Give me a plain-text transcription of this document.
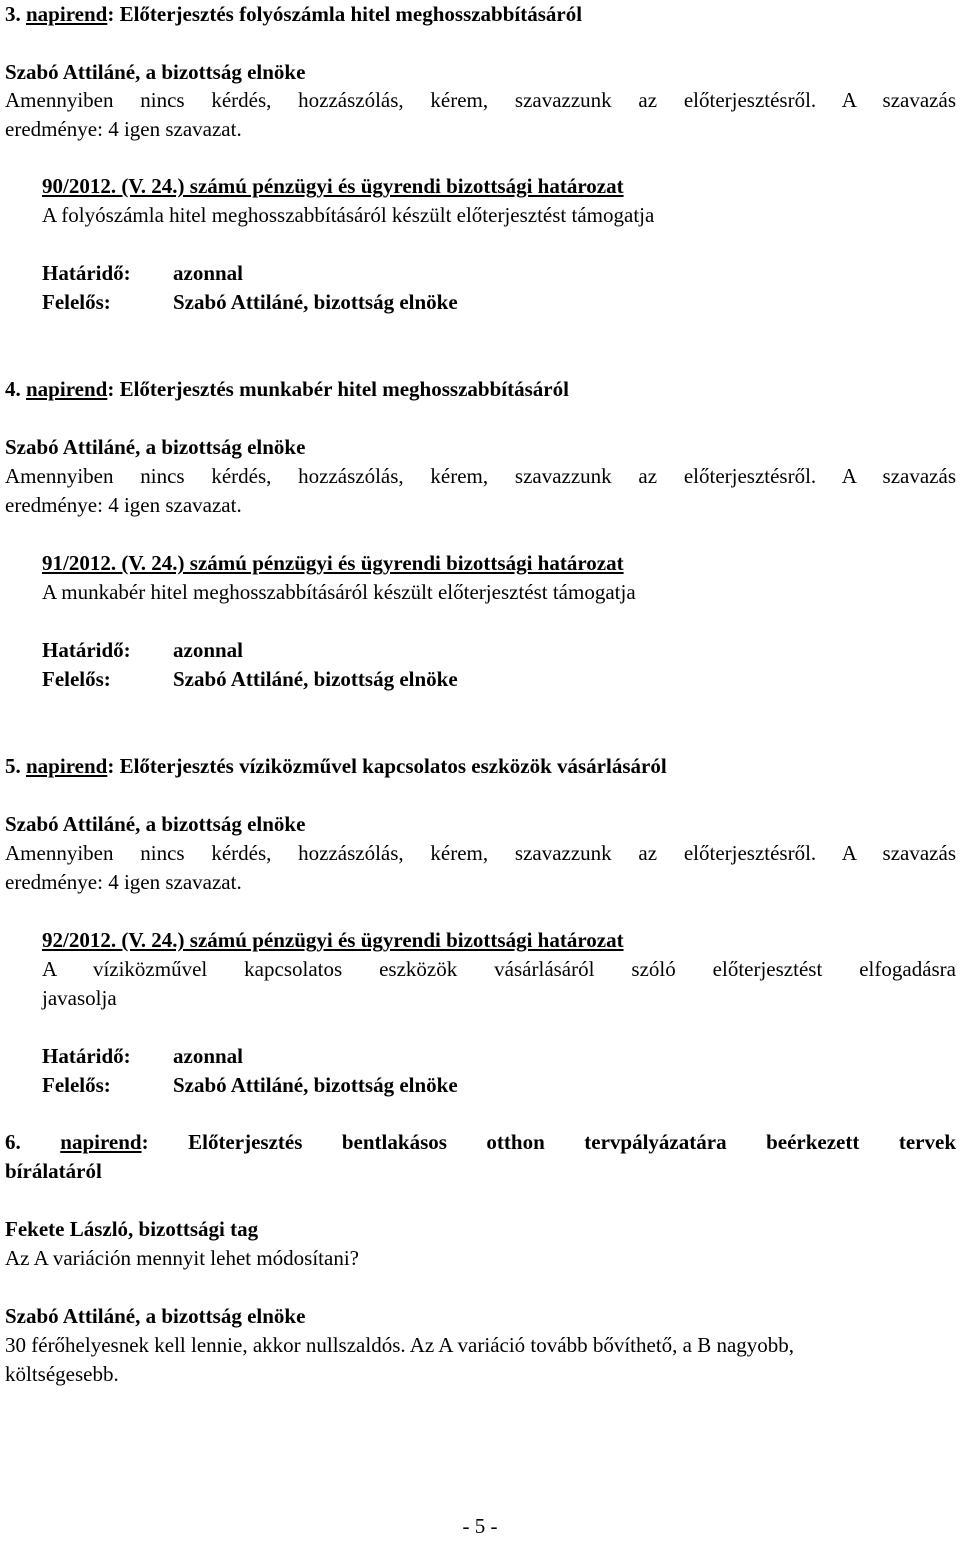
3. napirend: Előterjesztés folyószámla hitel meghosszabbításáról
Szabó Attiláné, a bizottság elnöke
Amennyiben nincs kérdés, hozzászólás, kérem, szavazzunk az előterjesztésről. A szavazás
eredménye: 4 igen szavazat.
90/2012. (V. 24.) számú pénzügyi és ügyrendi bizottsági határozat
A folyószámla hitel meghosszabbításáról készült előterjesztést támogatja
Határidő: azonnal
Felelős:	Szabó Attiláné, bizottság elnöke
4. napirend: Előterjesztés munkabér hitel meghosszabbításáról
Szabó Attiláné, a bizottság elnöke
Amennyiben nincs kérdés, hozzászólás, kérem, szavazzunk az előterjesztésről. A szavazás
eredménye: 4 igen szavazat.
91/2012. (V. 24.) számú pénzügyi és ügyrendi bizottsági határozat
A munkabér hitel meghosszabbításáról készült előterjesztést támogatja
Határidő: azonnal
Felelős:	Szabó Attiláné, bizottság elnöke
5. napirend: Előterjesztés víziközművel kapcsolatos eszközök vásárlásáról
Szabó Attiláné, a bizottság elnöke
Amennyiben nincs kérdés, hozzászólás, kérem, szavazzunk az előterjesztésről. A szavazás
eredménye: 4 igen szavazat.
92/2012. (V. 24.) számú pénzügyi és ügyrendi bizottsági határozat
A víziközművel kapcsolatos eszközök vásárlásáról szóló előterjesztést elfogadásra
javasolja
Határidő: azonnal
Felelős:	Szabó Attiláné, bizottság elnöke
6. napirend: Előterjesztés bentlakásos otthon tervpályázatára beérkezett tervek
bírálatáról
Fekete László, bizottsági tag
Az A variáción mennyit lehet módosítani?
Szabó Attiláné, a bizottság elnöke
30 férőhelyesnek kell lennie, akkor nullszaldós. Az A variáció tovább bővíthető, a B nagyobb,
költségesebb.
- 5 -
